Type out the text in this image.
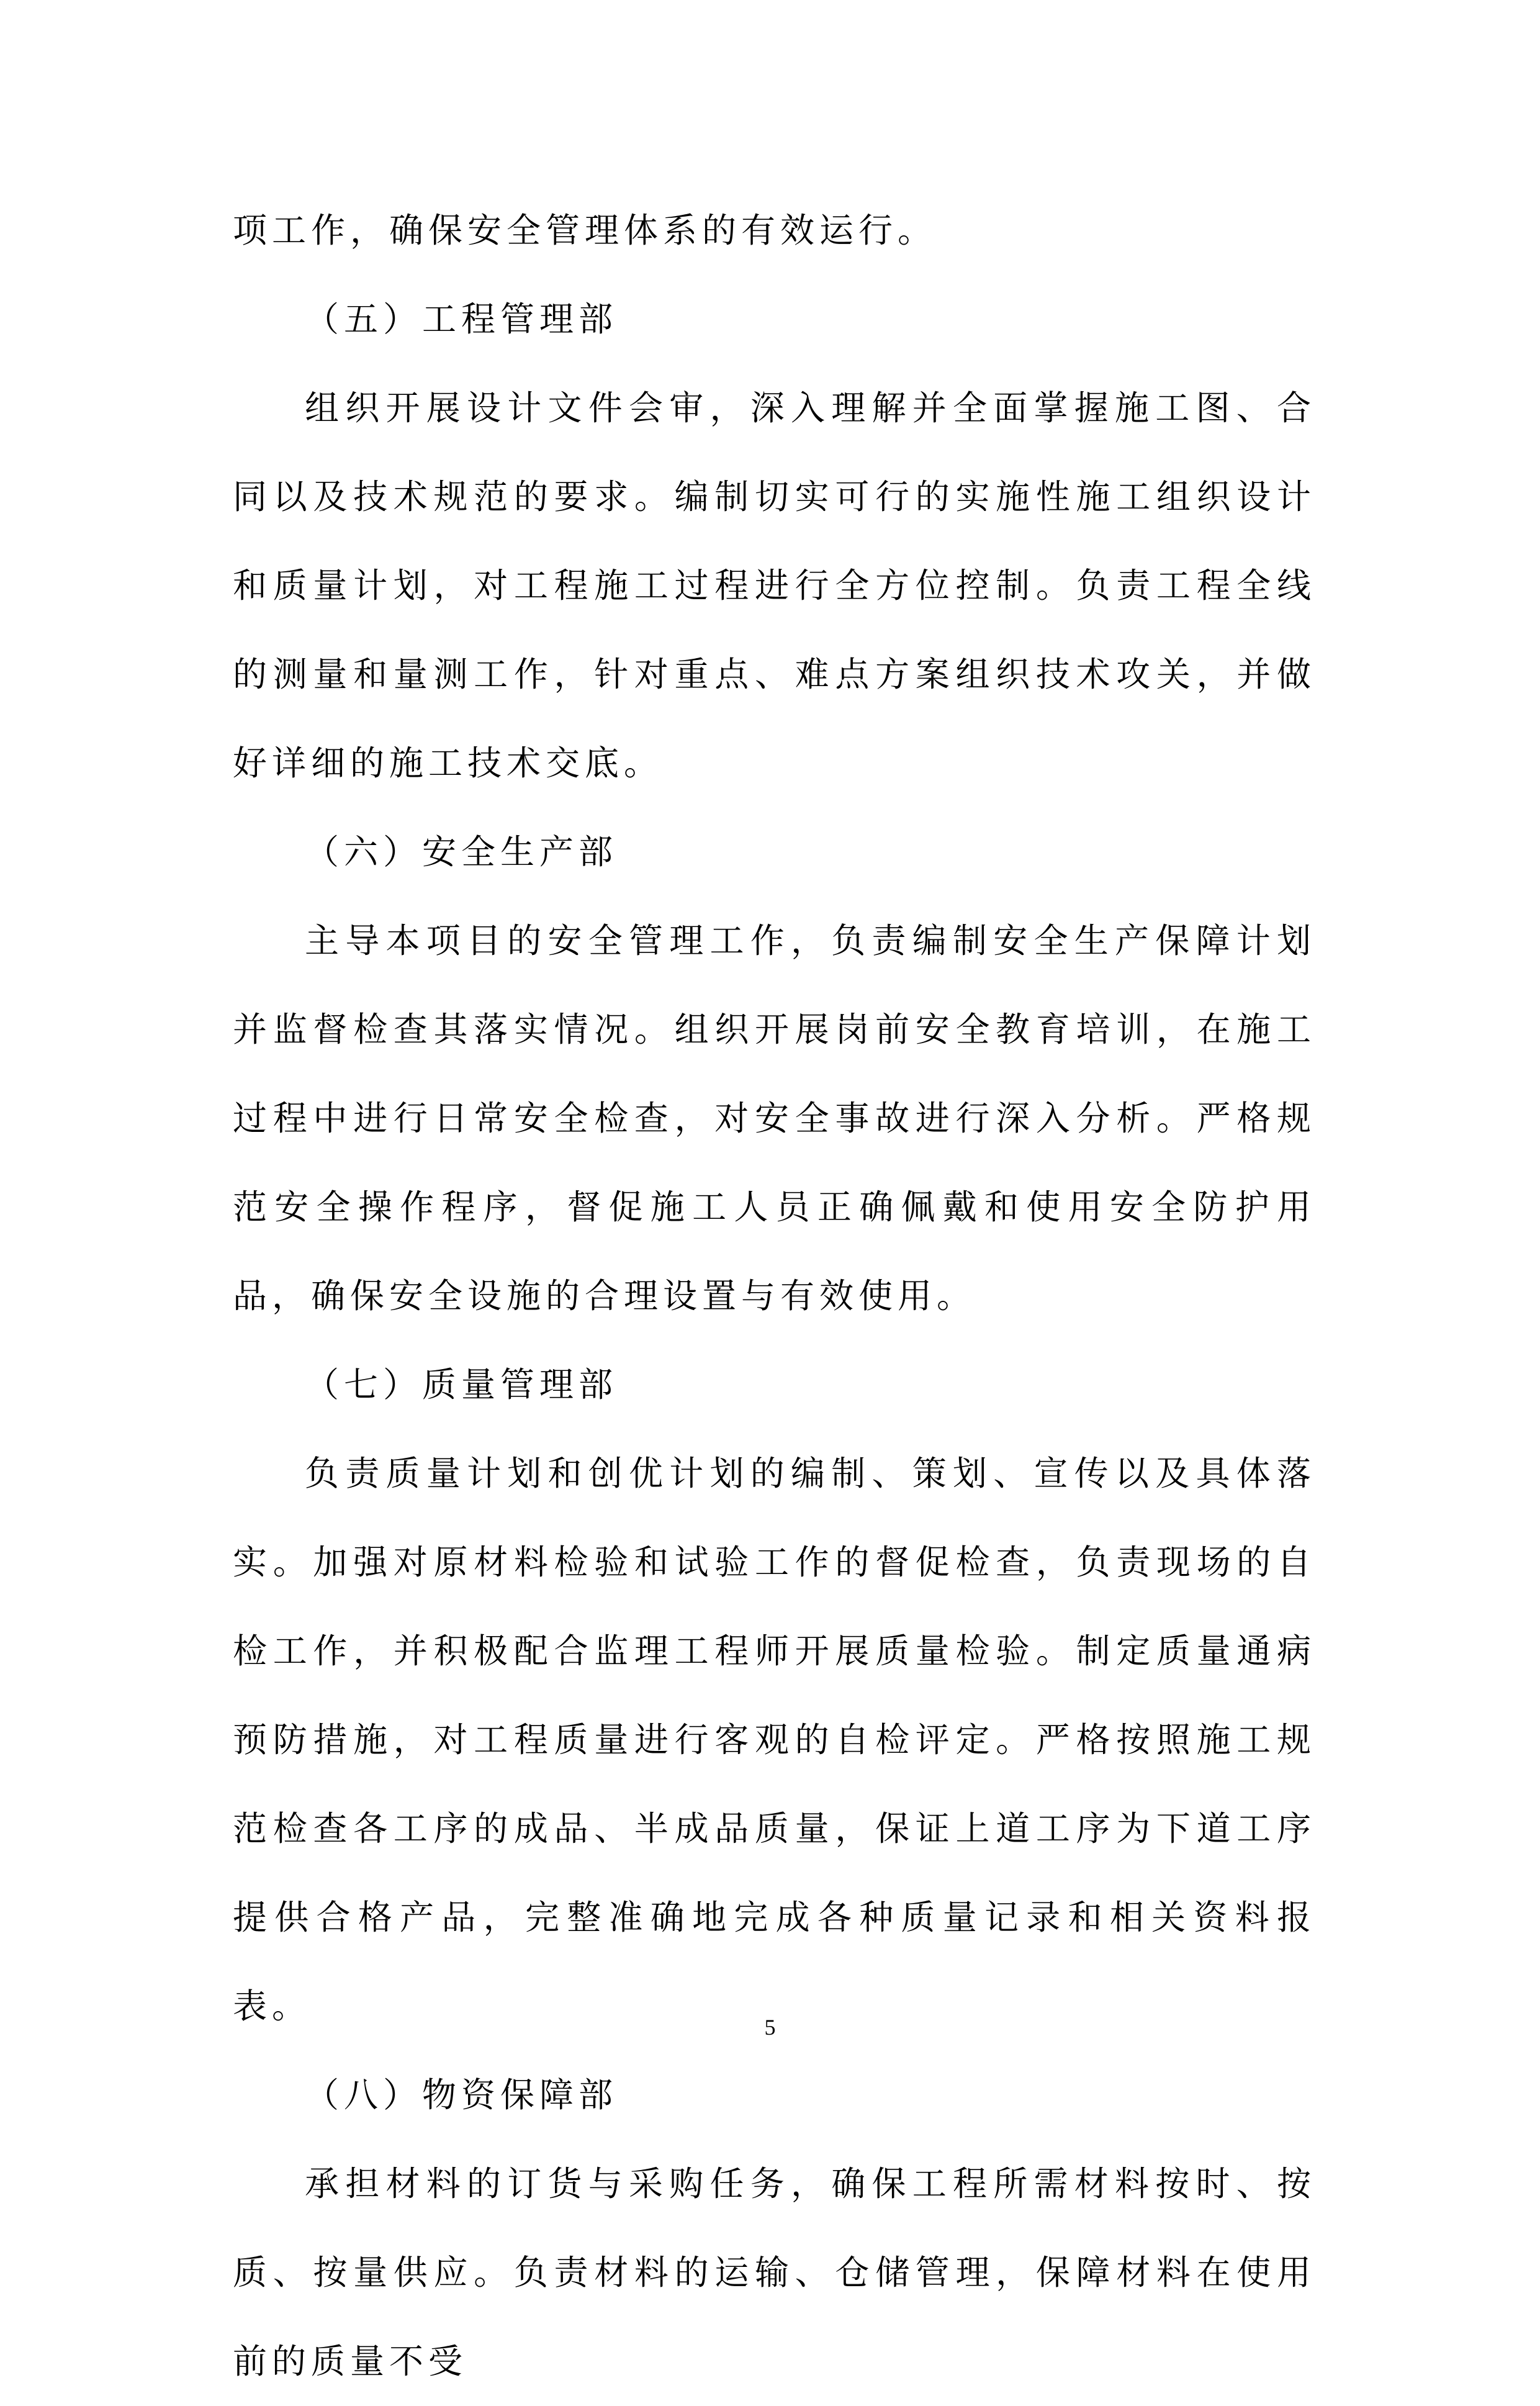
项工作，确保安全管理体系的有效运行。

（五）工程管理部

组织开展设计文件会审，深入理解并全面掌握施工图、合同以及技术规范的要求。编制切实可行的实施性施工组织设计和质量计划，对工程施工过程进行全方位控制。负责工程全线的测量和量测工作，针对重点、难点方案组织技术攻关，并做好详细的施工技术交底。

（六）安全生产部

主导本项目的安全管理工作，负责编制安全生产保障计划并监督检查其落实情况。组织开展岗前安全教育培训，在施工过程中进行日常安全检查，对安全事故进行深入分析。严格规范安全操作程序，督促施工人员正确佩戴和使用安全防护用品，确保安全设施的合理设置与有效使用。

（七）质量管理部

负责质量计划和创优计划的编制、策划、宣传以及具体落实。加强对原材料检验和试验工作的督促检查，负责现场的自检工作，并积极配合监理工程师开展质量检验。制定质量通病预防措施，对工程质量进行客观的自检评定。严格按照施工规范检查各工序的成品、半成品质量，保证上道工序为下道工序提供合格产品，完整准确地完成各种质量记录和相关资料报表。

（八）物资保障部

承担材料的订货与采购任务，确保工程所需材料按时、按质、按量供应。负责材料的运输、仓储管理，保障材料在使用前的质量不受

5
